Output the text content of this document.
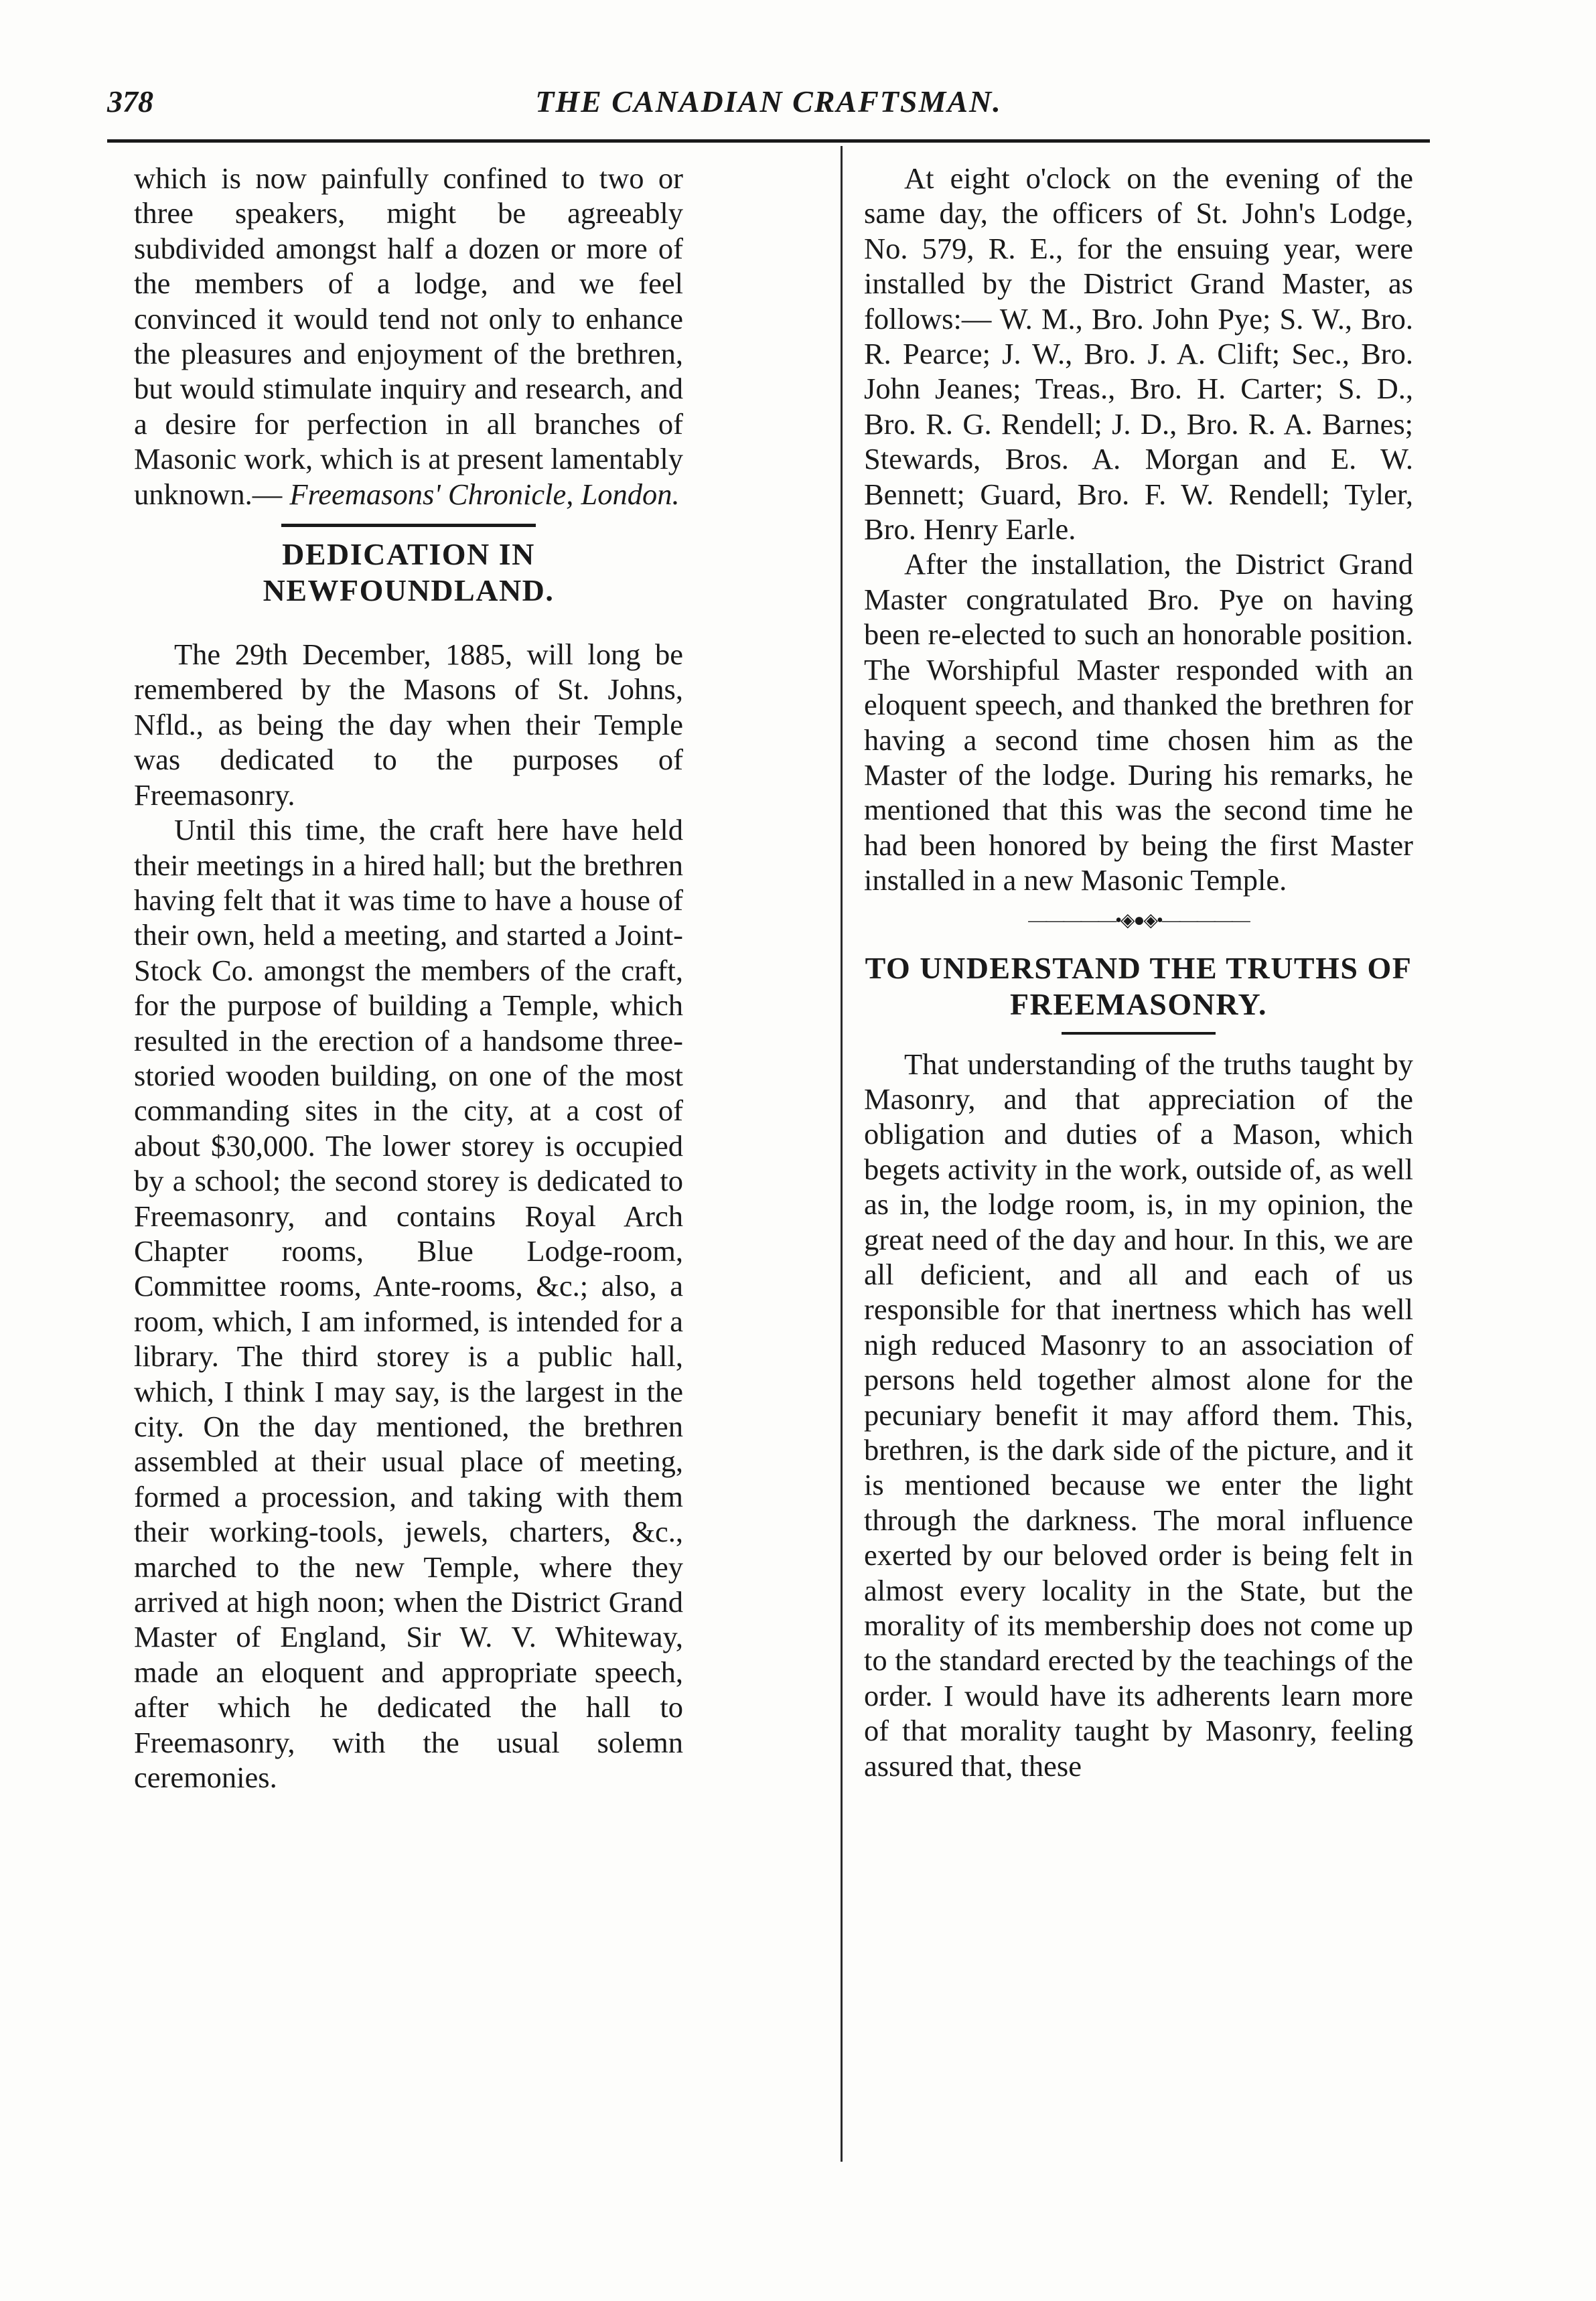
378	THE CANADIAN CRAFTSMAN.

which is now painfully confined to two or three speakers, might be agreeably subdivided amongst half a dozen or more of the members of a lodge, and we feel convinced it would tend not only to enhance the pleasures and enjoyment of the brethren, but would stimulate inquiry and research, and a desire for perfection in all branches of Masonic work, which is at present lamentably unknown.— Freemasons' Chronicle, London.

DEDICATION IN NEWFOUNDLAND.

The 29th December, 1885, will long be remembered by the Masons of St. Johns, Nfld., as being the day when their Temple was dedicated to the purposes of Freemasonry.

Until this time, the craft here have held their meetings in a hired hall; but the brethren having felt that it was time to have a house of their own, held a meeting, and started a Joint-Stock Co. amongst the members of the craft, for the purpose of building a Temple, which resulted in the erection of a handsome three-storied wooden building, on one of the most commanding sites in the city, at a cost of about $30,000. The lower storey is occupied by a school; the second storey is dedicated to Freemasonry, and contains Royal Arch Chapter rooms, Blue Lodge-room, Committee rooms, Ante-rooms, &c.; also, a room, which, I am informed, is intended for a library. The third storey is a public hall, which, I think I may say, is the largest in the city. On the day mentioned, the brethren assembled at their usual place of meeting, formed a procession, and taking with them their working-tools, jewels, charters, &c., marched to the new Temple, where they arrived at high noon; when the District Grand Master of England, Sir W. V. Whiteway, made an eloquent and appropriate speech, after which he dedicated the hall to Freemasonry, with the usual solemn ceremonies.

At eight o'clock on the evening of the same day, the officers of St. John's Lodge, No. 579, R. E., for the ensuing year, were installed by the District Grand Master, as follows:— W. M., Bro. John Pye; S. W., Bro. R. Pearce; J. W., Bro. J. A. Clift; Sec., Bro. John Jeanes; Treas., Bro. H. Carter; S. D., Bro. R. G. Rendell; J. D., Bro. R. A. Barnes; Stewards, Bros. A. Morgan and E. W. Bennett; Guard, Bro. F. W. Rendell; Tyler, Bro. Henry Earle.

After the installation, the District Grand Master congratulated Bro. Pye on having been re-elected to such an honorable position. The Worshipful Master responded with an eloquent speech, and thanked the brethren for having a second time chosen him as the Master of the lodge. During his remarks, he mentioned that this was the second time he had been honored by being the first Master installed in a new Masonic Temple.

—————•◈●◈•—————
TO UNDERSTAND THE TRUTHS OF FREEMASONRY.

That understanding of the truths taught by Masonry, and that appreciation of the obligation and duties of a Mason, which begets activity in the work, outside of, as well as in, the lodge room, is, in my opinion, the great need of the day and hour. In this, we are all deficient, and all and each of us responsible for that inertness which has well nigh reduced Masonry to an association of persons held together almost alone for the pecuniary benefit it may afford them. This, brethren, is the dark side of the picture, and it is mentioned because we enter the light through the darkness. The moral influence exerted by our beloved order is being felt in almost every locality in the State, but the morality of its membership does not come up to the standard erected by the teachings of the order. I would have its adherents learn more of that morality taught by Masonry, feeling assured that, these
